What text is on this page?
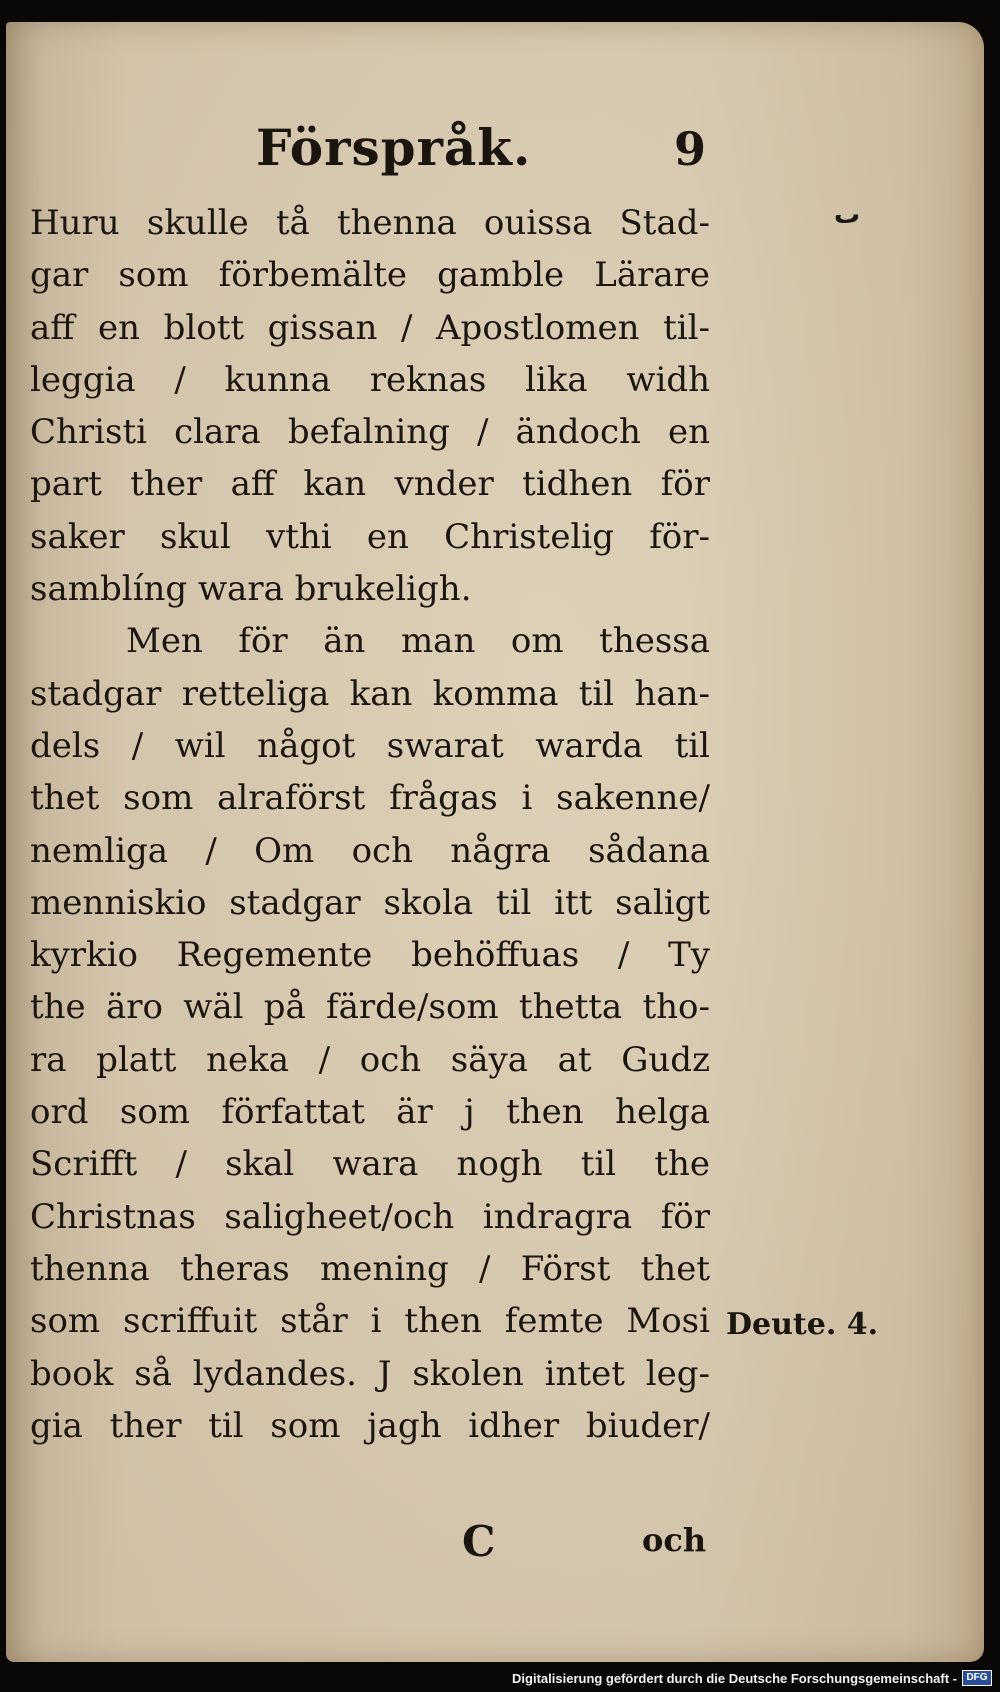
Förspråk.	9
ٮ
Huru skulle tå thenna ouissa Stad-
gar som förbemälte gamble Lärare
aff en blott gissan / Apostlomen til-
leggia / kunna reknas lika widh
Christi clara befalning / ändoch en
part ther aff kan vnder tidhen för
saker skul vthi en Christelig för-
samblíng wara brukeligh.
Men för än man om thessa
stadgar retteliga kan komma til han-
dels / wil något swarat warda til
thet som alraförst frågas i sakenne/
nemliga / Om och några sådana
menniskio stadgar skola til itt saligt
kyrkio Regemente behöffuas / Ty
the äro wäl på färde/som thetta tho-
ra platt neka / och säya at Gudz
ord som författat är j then helga
Scrifft / skal wara nogh til the
Christnas saligheet/och indragra för
thenna theras mening / Först thet
som scriffuit står i then femte Mosi
book så lydandes. J skolen intet leg-
gia ther til som jagh idher biuder/
C	och
Deute. 4.
Digitalisierung gefördert durch die Deutsche Forschungsgemeinschaft - DFG
